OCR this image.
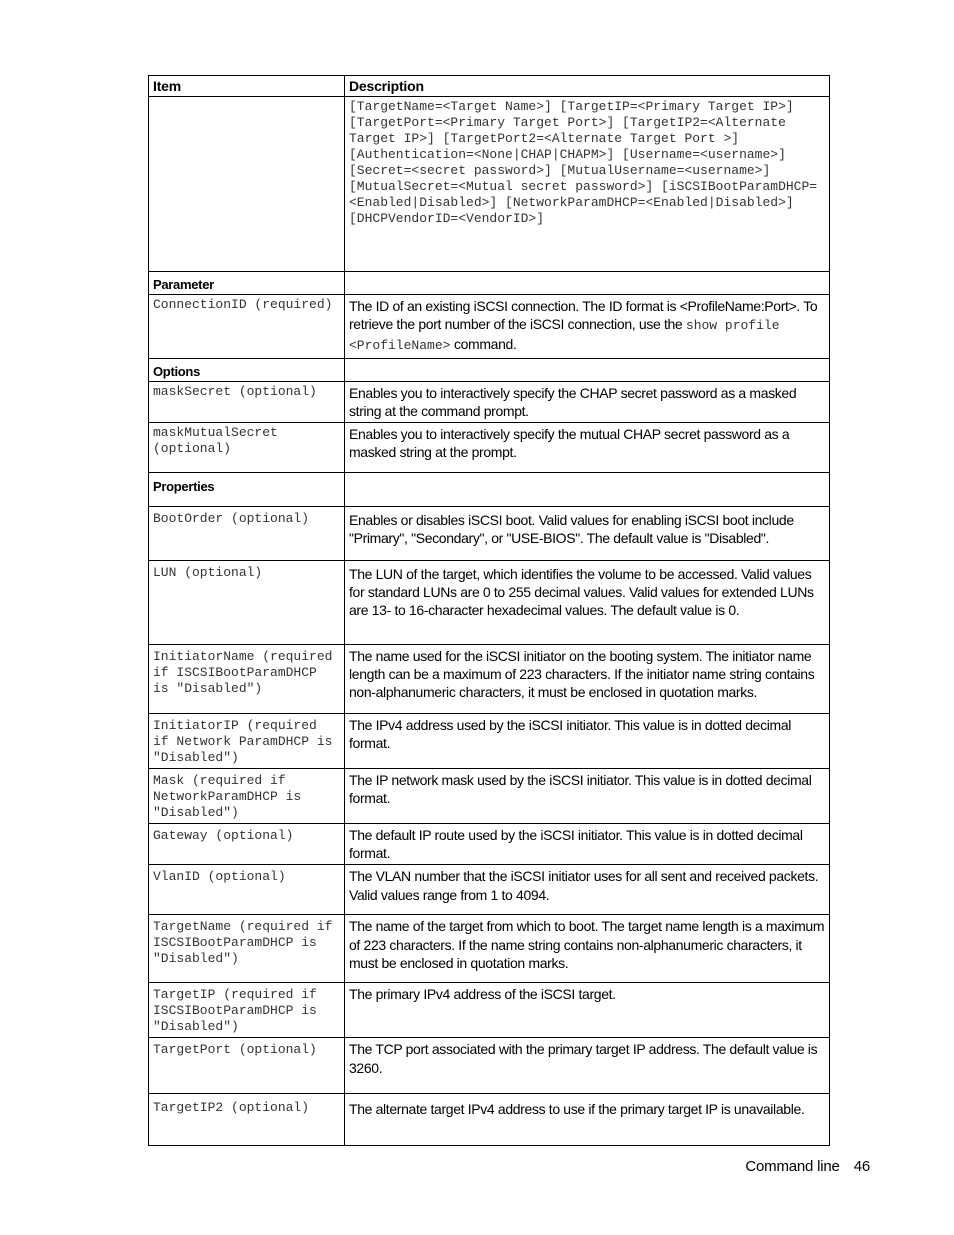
Item	Description
	[TargetName=<Target Name>] [TargetIP=<Primary Target IP>] [TargetPort=<Primary Target Port>] [TargetIP2=<Alternate Target IP>] [TargetPort2=<Alternate Target Port >] [Authentication=<None|CHAP|CHAPM>] [Username=<username>] [Secret=<secret password>] [MutualUsername=<username>] [MutualSecret=<Mutual secret password>] [iSCSIBootParamDHCP=<Enabled|Disabled>] [NetworkParamDHCP=<Enabled|Disabled>] [DHCPVendorID=<VendorID>]
Parameter	
ConnectionID (required)	The ID of an existing iSCSI connection. The ID format is <ProfileName:Port>. To retrieve the port number of the iSCSI connection, use the show profile <ProfileName> command.
Options	
maskSecret (optional)	Enables you to interactively specify the CHAP secret password as a masked string at the command prompt.
maskMutualSecret (optional)	Enables you to interactively specify the mutual CHAP secret password as a masked string at the prompt.
Properties	
BootOrder (optional)	Enables or disables iSCSI boot. Valid values for enabling iSCSI boot include "Primary", "Secondary", or "USE-BIOS". The default value is "Disabled".
LUN (optional)	The LUN of the target, which identifies the volume to be accessed. Valid values for standard LUNs are 0 to 255 decimal values. Valid values for extended LUNs are 13- to 16-character hexadecimal values. The default value is 0.
InitiatorName (required if ISCSIBootParamDHCP is "Disabled")	The name used for the iSCSI initiator on the booting system. The initiator name length can be a maximum of 223 characters. If the initiator name string contains non-alphanumeric characters, it must be enclosed in quotation marks.
InitiatorIP (required if Network ParamDHCP is "Disabled")	The IPv4 address used by the iSCSI initiator. This value is in dotted decimal format.
Mask (required if NetworkParamDHCP is "Disabled")	The IP network mask used by the iSCSI initiator. This value is in dotted decimal format.
Gateway (optional)	The default IP route used by the iSCSI initiator. This value is in dotted decimal format.
VlanID (optional)	The VLAN number that the iSCSI initiator uses for all sent and received packets. Valid values range from 1 to 4094.
TargetName (required if ISCSIBootParamDHCP is "Disabled")	The name of the target from which to boot. The target name length is a maximum of 223 characters. If the name string contains non-alphanumeric characters, it must be enclosed in quotation marks.
TargetIP (required if ISCSIBootParamDHCP is "Disabled")	The primary IPv4 address of the iSCSI target.
TargetPort (optional)	The TCP port associated with the primary target IP address. The default value is 3260.
TargetIP2 (optional)	The alternate target IPv4 address to use if the primary target IP is unavailable.
Command line 46
